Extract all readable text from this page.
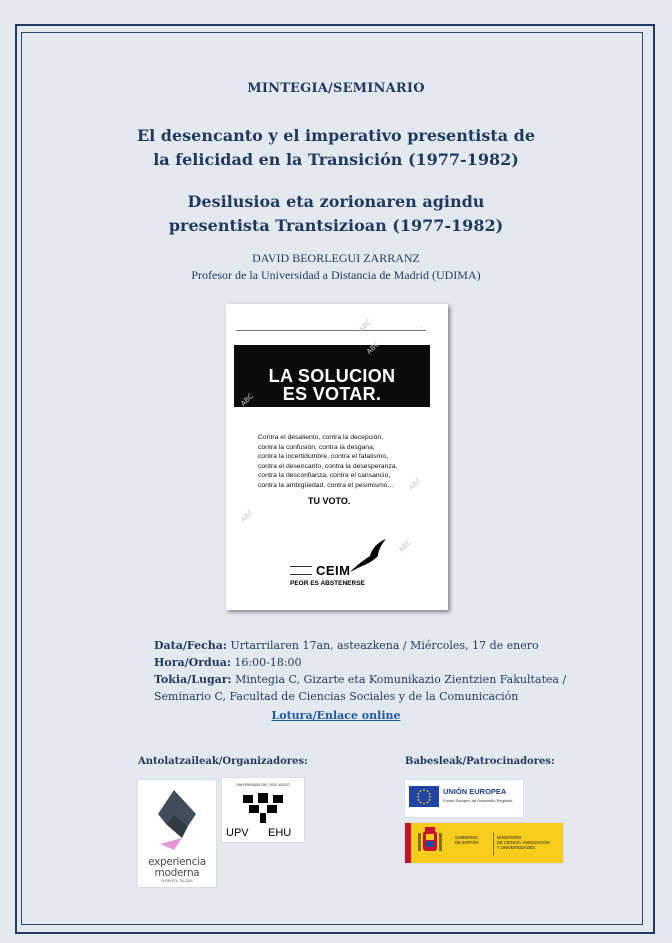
MINTEGIA/SEMINARIO
El desencanto y el imperativo presentista de
la felicidad en la Transición (1977-1982)
Desilusioa eta zorionaren agindu
presentista Trantsizioan (1977-1982)
DAVID BEORLEGUI ZARRANZ
Profesor de la Universidad a Distancia de Madrid (UDIMA)
·
LA SOLUCION
ES VOTAR.
Contra el desaliento, contra la decepción,
contra la confusión, contra la desgana,
contra la incertidumbre, contra el fatalismo,
contra el desencanto, contra la desesperanza,
contra la desconfianza, contra el cansancio,
contra la ambigüedad, contra el pesimismo...
TU VOTO.
CEIM
PEOR ES ABSTENERSE
ABC
ABC
ABC
ABC
ABC
ABC
Data/Fecha: Urtarrilaren 17an, asteazkena / Miércoles, 17 de enero
Hora/Ordua: 16:00-18:00
Tokia/Lugar: Mintegia C, Gizarte eta Komunikazio Zientzien Fakultatea /
Seminario C, Facultad de Ciencias Sociales y de la Comunicación
Lotura/Enlace online
Antolatzaileak/Organizadores:	Babesleak/Patrocinadores:
experiencia
moderna
IKERKETA TALDEA
UNIVERSIDAD DEL PAÍS VASCO
UPV EHU
UNIÓN EUROPEA
Fondo Europeo de Desarrollo Regional
GOBIERNO
DE ESPAÑA
MINISTERIO
DE CIENCIA, INNOVACIÓN
Y UNIVERSIDADES
